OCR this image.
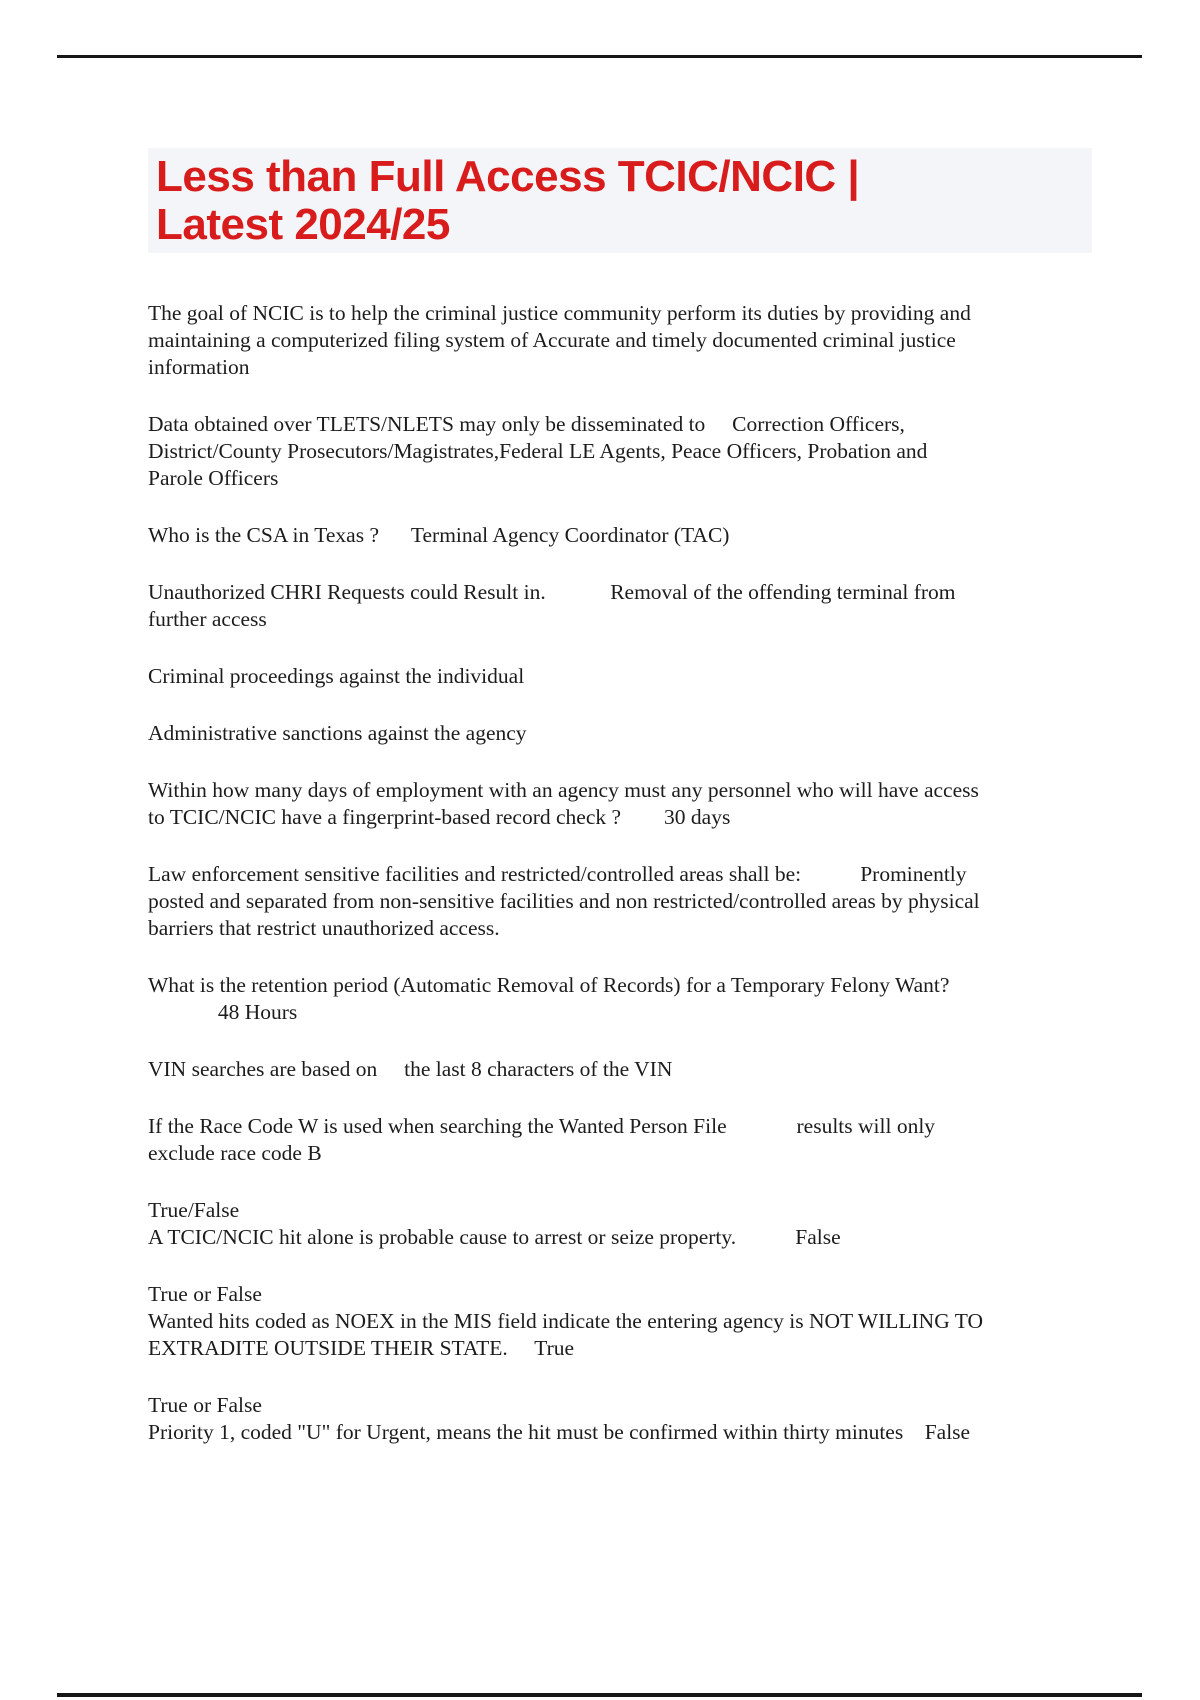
Less than Full Access TCIC/NCIC |
Latest 2024/25
The goal of NCIC is to help the criminal justice community perform its duties by providing and
maintaining a computerized filing system of Accurate and timely documented criminal justice
information
Data obtained over TLETS/NLETS may only be disseminated to     Correction Officers,
District/County Prosecutors/Magistrates,Federal LE Agents, Peace Officers, Probation and
Parole Officers
Who is the CSA in Texas ?      Terminal Agency Coordinator (TAC)
Unauthorized CHRI Requests could Result in.            Removal of the offending terminal from
further access
Criminal proceedings against the individual
Administrative sanctions against the agency
Within how many days of employment with an agency must any personnel who will have access
to TCIC/NCIC have a fingerprint-based record check ?        30 days
Law enforcement sensitive facilities and restricted/controlled areas shall be:           Prominently
posted and separated from non-sensitive facilities and non restricted/controlled areas by physical
barriers that restrict unauthorized access.
What is the retention period (Automatic Removal of Records) for a Temporary Felony Want?
48 Hours
VIN searches are based on     the last 8 characters of the VIN
If the Race Code W is used when searching the Wanted Person File             results will only
exclude race code B
True/False
A TCIC/NCIC hit alone is probable cause to arrest or seize property.           False
True or False
Wanted hits coded as NOEX in the MIS field indicate the entering agency is NOT WILLING TO
EXTRADITE OUTSIDE THEIR STATE.     True
True or False
Priority 1, coded "U" for Urgent, means the hit must be confirmed within thirty minutes    False
